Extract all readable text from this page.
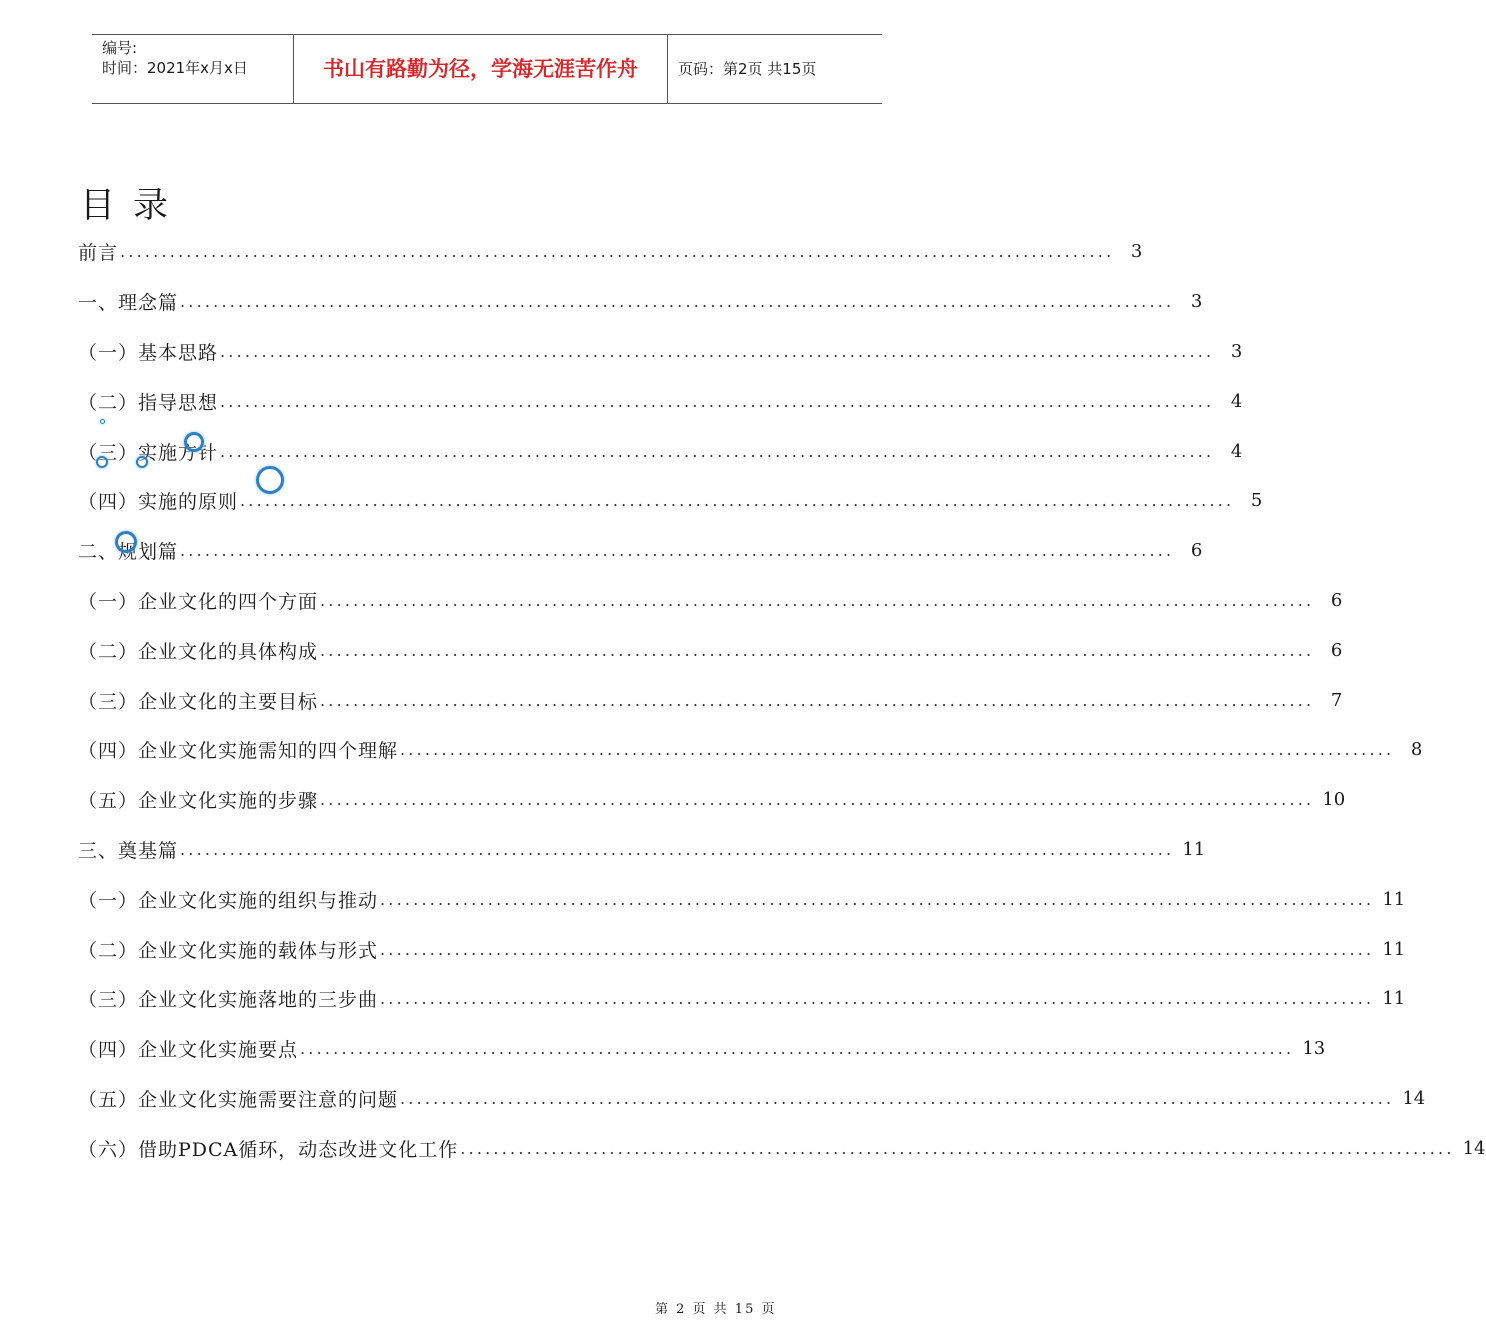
编号:
时间：2021年x月x日	书山有路勤为径，学海无涯苦作舟	页码：第2页 共15页
目录
前言 ........................................................................................................................ 3
一、理念篇 ........................................................................................................................ 3
（一）基本思路 ........................................................................................................................ 3
（二）指导思想 ........................................................................................................................ 4
（三）实施方针 ........................................................................................................................ 4
（四）实施的原则 ........................................................................................................................ 5
二、规划篇 ........................................................................................................................ 6
（一）企业文化的四个方面 ........................................................................................................................ 6
（二）企业文化的具体构成 ........................................................................................................................ 6
（三）企业文化的主要目标 ........................................................................................................................ 7
（四）企业文化实施需知的四个理解 ........................................................................................................................ 8
（五）企业文化实施的步骤 ........................................................................................................................ 10
三、奠基篇 ........................................................................................................................ 11
（一）企业文化实施的组织与推动 ........................................................................................................................ 11
（二）企业文化实施的载体与形式 ........................................................................................................................ 11
（三）企业文化实施落地的三步曲 ........................................................................................................................ 11
（四）企业文化实施要点 ........................................................................................................................ 13
（五）企业文化实施需要注意的问题 ........................................................................................................................ 14
（六）借助PDCA循环，动态改进文化工作 ........................................................................................................................ 14
第 2 页 共 15 页
